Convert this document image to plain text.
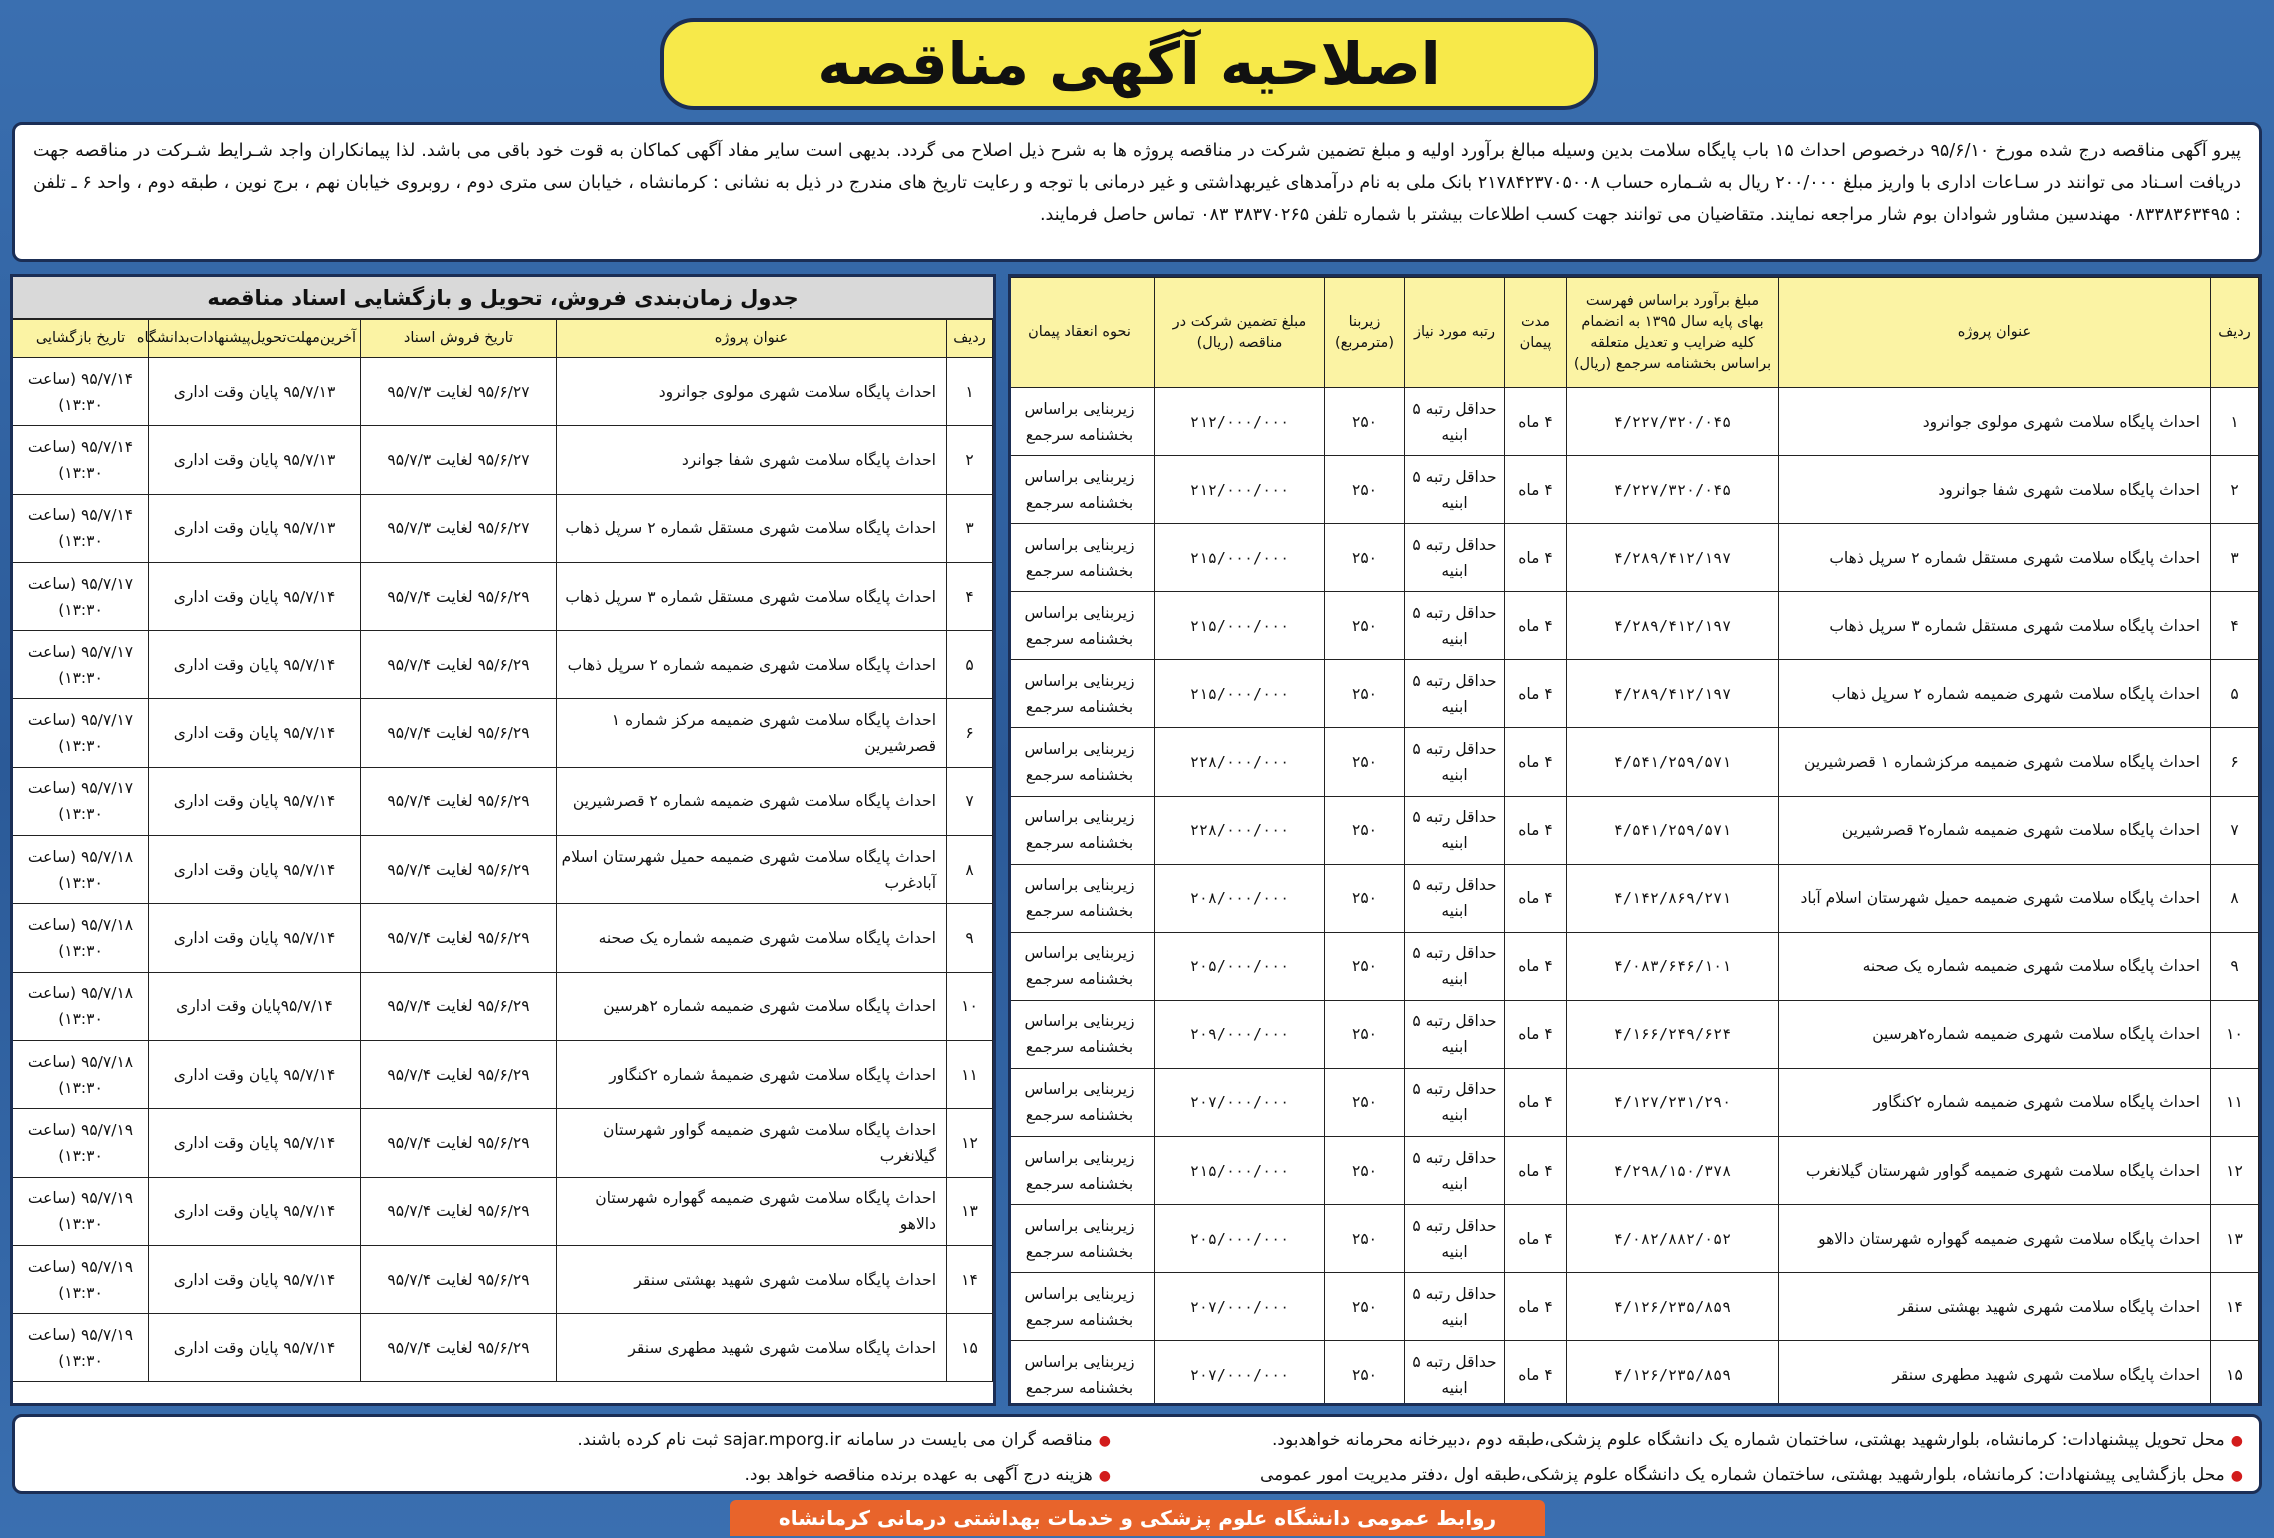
اصلاحیه آگهی مناقصه
پیرو آگهی مناقصه درج شده مورخ ۹۵/۶/۱۰ درخصوص احداث ۱۵ باب پایگاه سلامت بدین وسیله مبالغ برآورد اولیه و مبلغ تضمین شرکت در مناقصه پروژه ها به شرح ذیل اصلاح می گردد. بدیهی است سایر مفاد آگهی کماکان به قوت خود باقی می باشد. لذا پیمانکاران واجد شـرایط شـرکت در مناقصه جهت دریافت اسـناد می توانند در سـاعات اداری با واریز مبلغ ۲۰۰/۰۰۰ ریال به شـماره حساب ۲۱۷۸۴۲۳۷۰۵۰۰۸ بانک ملی به نام درآمدهای غیربهداشتی و غیر درمانی با توجه و رعایت تاریخ های مندرج در ذیل به نشانی : کرمانشاه ، خیابان سی متری دوم ، روبروی خیابان نهم ، برج نوین ، طبقه دوم ، واحد ۶ ـ تلفن : ۰۸۳۳۸۳۶۳۴۹۵ مهندسین مشاور شوادان بوم شار مراجعه نمایند. متقاضیان می توانند جهت کسب اطلاعات بیشتر با شماره تلفن ۳۸۳۷۰۲۶۵ ۰۸۳ تماس حاصل فرمایند.
ردیف	عنوان پروژه	مبلغ برآورد براساس فهرست بهای پایه سال ۱۳۹۵ به انضمام کلیه ضرایب و تعدیل متعلقه براساس بخشنامه سرجمع (ریال)	مدت پیمان	رتبه مورد نیاز	زیربنا (مترمربع)	مبلغ تضمین شرکت در مناقصه (ریال)	نحوه انعقاد پیمان
۱	احداث پایگاه سلامت شهری مولوی جوانرود	۴/۲۲۷/۳۲۰/۰۴۵	۴ ماه	حداقل رتبه ۵ ابنیه	۲۵۰	۲۱۲/۰۰۰/۰۰۰	زیربنایی براساس بخشنامه سرجمع
۲	احداث پایگاه سلامت شهری شفا جوانرود	۴/۲۲۷/۳۲۰/۰۴۵	۴ ماه	حداقل رتبه ۵ ابنیه	۲۵۰	۲۱۲/۰۰۰/۰۰۰	زیربنایی براساس بخشنامه سرجمع
۳	احداث پایگاه سلامت شهری مستقل شماره ۲ سرپل ذهاب	۴/۲۸۹/۴۱۲/۱۹۷	۴ ماه	حداقل رتبه ۵ ابنیه	۲۵۰	۲۱۵/۰۰۰/۰۰۰	زیربنایی براساس بخشنامه سرجمع
۴	احداث پایگاه سلامت شهری مستقل شماره ۳ سرپل ذهاب	۴/۲۸۹/۴۱۲/۱۹۷	۴ ماه	حداقل رتبه ۵ ابنیه	۲۵۰	۲۱۵/۰۰۰/۰۰۰	زیربنایی براساس بخشنامه سرجمع
۵	احداث پایگاه سلامت شهری ضمیمه شماره ۲ سرپل ذهاب	۴/۲۸۹/۴۱۲/۱۹۷	۴ ماه	حداقل رتبه ۵ ابنیه	۲۵۰	۲۱۵/۰۰۰/۰۰۰	زیربنایی براساس بخشنامه سرجمع
۶	احداث پایگاه سلامت شهری ضمیمه مرکزشماره ۱ قصرشیرین	۴/۵۴۱/۲۵۹/۵۷۱	۴ ماه	حداقل رتبه ۵ ابنیه	۲۵۰	۲۲۸/۰۰۰/۰۰۰	زیربنایی براساس بخشنامه سرجمع
۷	احداث پایگاه سلامت شهری ضمیمه شماره۲ قصرشیرین	۴/۵۴۱/۲۵۹/۵۷۱	۴ ماه	حداقل رتبه ۵ ابنیه	۲۵۰	۲۲۸/۰۰۰/۰۰۰	زیربنایی براساس بخشنامه سرجمع
۸	احداث پایگاه سلامت شهری ضمیمه حمیل شهرستان اسلام آباد	۴/۱۴۲/۸۶۹/۲۷۱	۴ ماه	حداقل رتبه ۵ ابنیه	۲۵۰	۲۰۸/۰۰۰/۰۰۰	زیربنایی براساس بخشنامه سرجمع
۹	احداث پایگاه سلامت شهری ضمیمه شماره یک صحنه	۴/۰۸۳/۶۴۶/۱۰۱	۴ ماه	حداقل رتبه ۵ ابنیه	۲۵۰	۲۰۵/۰۰۰/۰۰۰	زیربنایی براساس بخشنامه سرجمع
۱۰	احداث پایگاه سلامت شهری ضمیمه شماره۲هرسین	۴/۱۶۶/۲۴۹/۶۲۴	۴ ماه	حداقل رتبه ۵ ابنیه	۲۵۰	۲۰۹/۰۰۰/۰۰۰	زیربنایی براساس بخشنامه سرجمع
۱۱	احداث پایگاه سلامت شهری ضمیمه شماره ۲کنگاور	۴/۱۲۷/۲۳۱/۲۹۰	۴ ماه	حداقل رتبه ۵ ابنیه	۲۵۰	۲۰۷/۰۰۰/۰۰۰	زیربنایی براساس بخشنامه سرجمع
۱۲	احداث پایگاه سلامت شهری ضمیمه گواور شهرستان گیلانغرب	۴/۲۹۸/۱۵۰/۳۷۸	۴ ماه	حداقل رتبه ۵ ابنیه	۲۵۰	۲۱۵/۰۰۰/۰۰۰	زیربنایی براساس بخشنامه سرجمع
۱۳	احداث پایگاه سلامت شهری ضمیمه گهواره شهرستان دالاهو	۴/۰۸۲/۸۸۲/۰۵۲	۴ ماه	حداقل رتبه ۵ ابنیه	۲۵۰	۲۰۵/۰۰۰/۰۰۰	زیربنایی براساس بخشنامه سرجمع
۱۴	احداث پایگاه سلامت شهری شهید بهشتی سنقر	۴/۱۲۶/۲۳۵/۸۵۹	۴ ماه	حداقل رتبه ۵ ابنیه	۲۵۰	۲۰۷/۰۰۰/۰۰۰	زیربنایی براساس بخشنامه سرجمع
۱۵	احداث پایگاه سلامت شهری شهید مطهری سنقر	۴/۱۲۶/۲۳۵/۸۵۹	۴ ماه	حداقل رتبه ۵ ابنیه	۲۵۰	۲۰۷/۰۰۰/۰۰۰	زیربنایی براساس بخشنامه سرجمع
جدول زمان‌بندی فروش، تحویل و بازگشایی اسناد مناقصه
ردیف	عنوان پروژه	تاریخ فروش اسناد	آخرین‌مهلت‌تحویل‌پیشنهادات‌بدانشگاه	تاریخ بازگشایی
۱	احداث پایگاه سلامت شهری مولوی جوانرود	۹۵/۶/۲۷ لغایت ۹۵/۷/۳	۹۵/۷/۱۳ پایان وقت اداری	۹۵/۷/۱۴ (ساعت ۱۳:۳۰)
۲	احداث پایگاه سلامت شهری شفا جوانرد	۹۵/۶/۲۷ لغایت ۹۵/۷/۳	۹۵/۷/۱۳ پایان وقت اداری	۹۵/۷/۱۴ (ساعت ۱۳:۳۰)
۳	احداث پایگاه سلامت شهری مستقل شماره ۲ سرپل ذهاب	۹۵/۶/۲۷ لغایت ۹۵/۷/۳	۹۵/۷/۱۳ پایان وقت اداری	۹۵/۷/۱۴ (ساعت ۱۳:۳۰)
۴	احداث پایگاه سلامت شهری مستقل شماره ۳ سرپل ذهاب	۹۵/۶/۲۹ لغایت ۹۵/۷/۴	۹۵/۷/۱۴ پایان وقت اداری	۹۵/۷/۱۷ (ساعت ۱۳:۳۰)
۵	احداث پایگاه سلامت شهری ضمیمه شماره ۲ سرپل ذهاب	۹۵/۶/۲۹ لغایت ۹۵/۷/۴	۹۵/۷/۱۴ پایان وقت اداری	۹۵/۷/۱۷ (ساعت ۱۳:۳۰)
۶	احداث پایگاه سلامت شهری ضمیمه مرکز شماره ۱ قصرشیرین	۹۵/۶/۲۹ لغایت ۹۵/۷/۴	۹۵/۷/۱۴ پایان وقت اداری	۹۵/۷/۱۷ (ساعت ۱۳:۳۰)
۷	احداث پایگاه سلامت شهری ضمیمه شماره ۲ قصرشیرین	۹۵/۶/۲۹ لغایت ۹۵/۷/۴	۹۵/۷/۱۴ پایان وقت اداری	۹۵/۷/۱۷ (ساعت ۱۳:۳۰)
۸	احداث پایگاه سلامت شهری ضمیمه حمیل شهرستان اسلام آبادغرب	۹۵/۶/۲۹ لغایت ۹۵/۷/۴	۹۵/۷/۱۴ پایان وقت اداری	۹۵/۷/۱۸ (ساعت ۱۳:۳۰)
۹	احداث پایگاه سلامت شهری ضمیمه شماره یک صحنه	۹۵/۶/۲۹ لغایت ۹۵/۷/۴	۹۵/۷/۱۴ پایان وقت اداری	۹۵/۷/۱۸ (ساعت ۱۳:۳۰)
۱۰	احداث پایگاه سلامت شهری ضمیمه شماره ۲هرسین	۹۵/۶/۲۹ لغایت ۹۵/۷/۴	۹۵/۷/۱۴پایان وقت اداری	۹۵/۷/۱۸ (ساعت ۱۳:۳۰)
۱۱	احداث پایگاه سلامت شهری ضمیمهٔ شماره ۲کنگاور	۹۵/۶/۲۹ لغایت ۹۵/۷/۴	۹۵/۷/۱۴ پایان وقت اداری	۹۵/۷/۱۸ (ساعت ۱۳:۳۰)
۱۲	احداث پایگاه سلامت شهری ضمیمه گواور شهرستان گیلانغرب	۹۵/۶/۲۹ لغایت ۹۵/۷/۴	۹۵/۷/۱۴ پایان وقت اداری	۹۵/۷/۱۹ (ساعت ۱۳:۳۰)
۱۳	احداث پایگاه سلامت شهری ضمیمه گهواره شهرستان دالاهو	۹۵/۶/۲۹ لغایت ۹۵/۷/۴	۹۵/۷/۱۴ پایان وقت اداری	۹۵/۷/۱۹ (ساعت ۱۳:۳۰)
۱۴	احداث پایگاه سلامت شهری شهید بهشتی سنقر	۹۵/۶/۲۹ لغایت ۹۵/۷/۴	۹۵/۷/۱۴ پایان وقت اداری	۹۵/۷/۱۹ (ساعت ۱۳:۳۰)
۱۵	احداث پایگاه سلامت شهری شهید مطهری سنقر	۹۵/۶/۲۹ لغایت ۹۵/۷/۴	۹۵/۷/۱۴ پایان وقت اداری	۹۵/۷/۱۹ (ساعت ۱۳:۳۰)
●محل تحویل پیشنهادات: کرمانشاه، بلوارشهید بهشتی، ساختمان شماره یک دانشگاه علوم پزشکی،طبقه دوم ،دبیرخانه محرمانه خواهدبود.
●محل بازگشایی پیشنهادات: کرمانشاه، بلوارشهید بهشتی، ساختمان شماره یک دانشگاه علوم پزشکی،طبقه اول ،دفتر مدیریت امور عمومی
●مناقصه گران می بایست در سامانه sajar.mporg.ir ثبت نام کرده باشند.
●هزینه درج آگهی به عهده برنده مناقصه خواهد بود.
روابط عمومی دانشگاه علوم پزشکی و خدمات بهداشتی درمانی کرمانشاه
